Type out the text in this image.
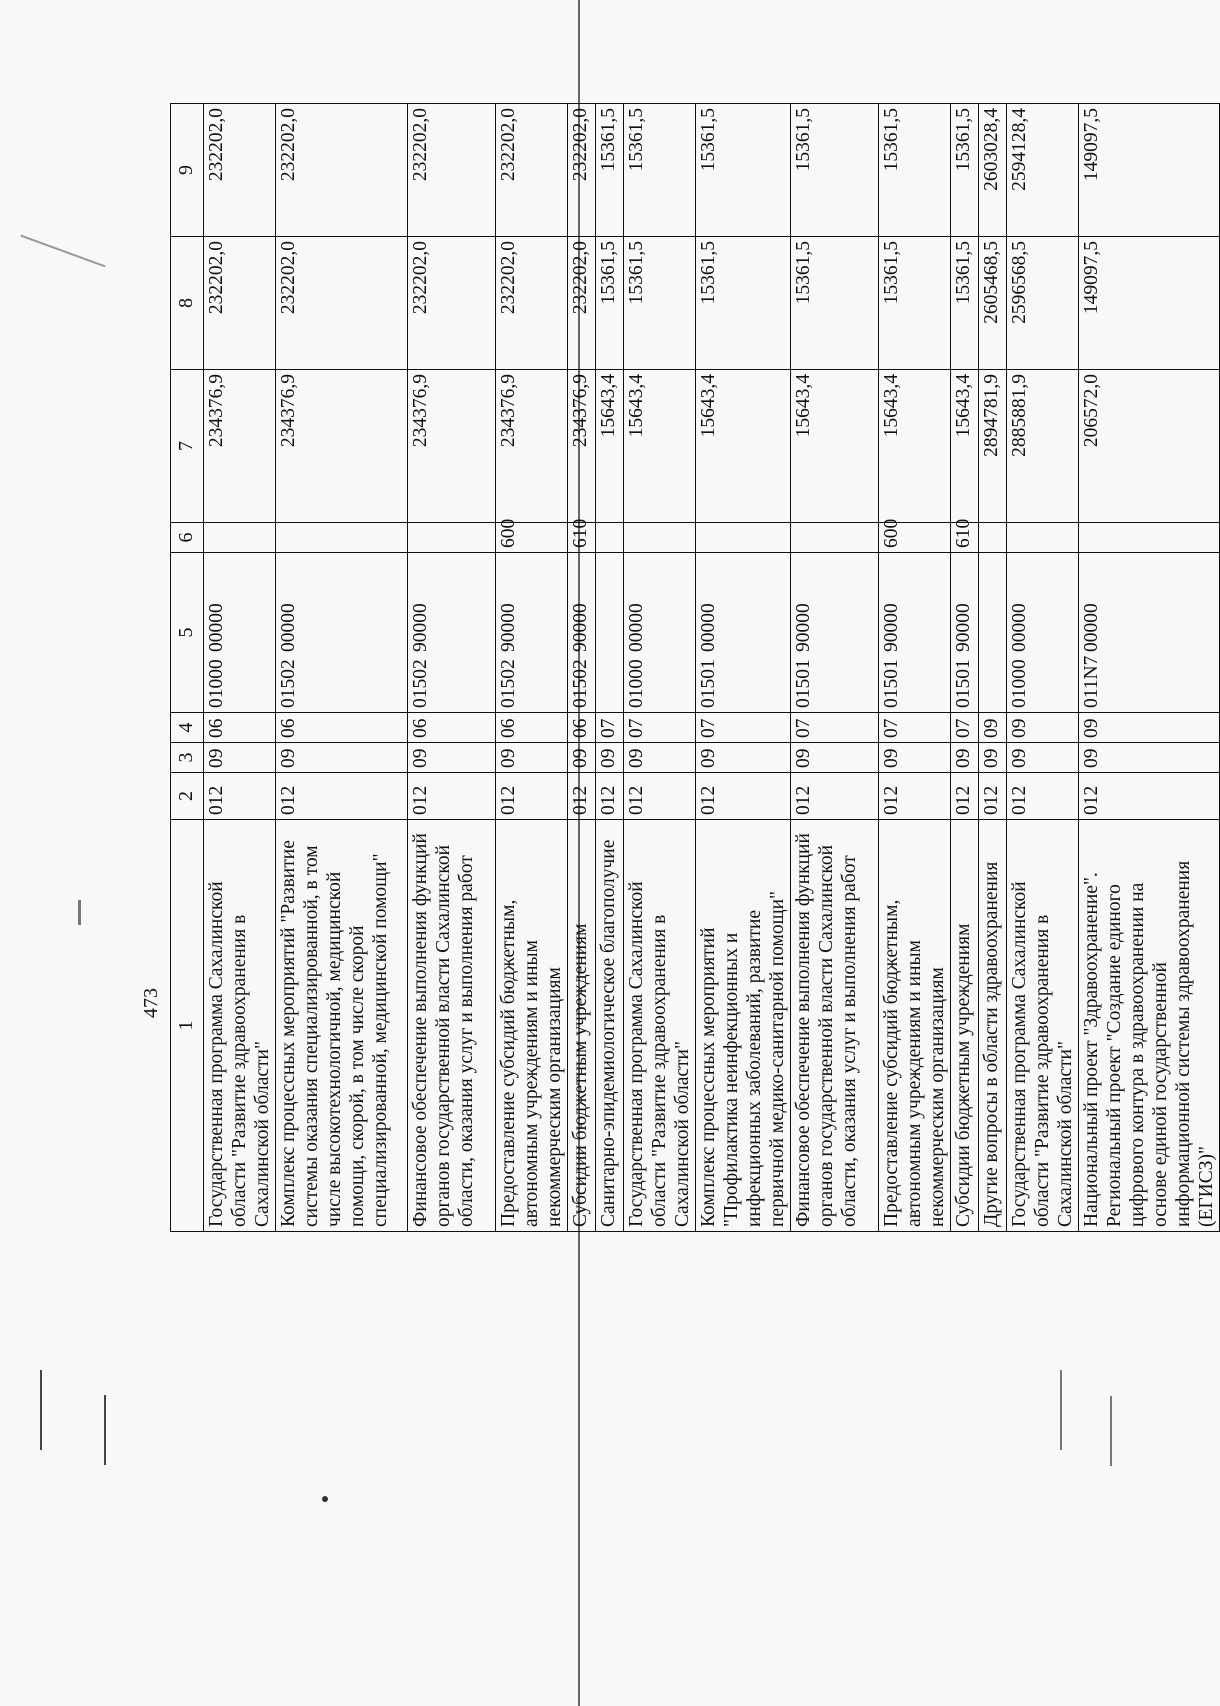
473
1	2	3	4	5	6	7	8	9
Государственная программа Сахалинской области "Развитие здравоохранения в Сахалинской области"	012	09	06	0100000000		234376,9	232202,0	232202,0
Комплекс процессных мероприятий "Развитие системы оказания специализированной, в том числе высокотехнологичной, медицинской помощи, скорой, в том числе скорой специализированной, медицинской помощи"	012	09	06	0150200000		234376,9	232202,0	232202,0
Финансовое обеспечение выполнения функций органов государственной власти Сахалинской области, оказания услуг и выполнения работ	012	09	06	0150290000		234376,9	232202,0	232202,0
Предоставление субсидий бюджетным, автономным учреждениям и иным некоммерческим организациям	012	09	06	0150290000	600	234376,9	232202,0	232202,0
Субсидии бюджетным учреждениям	012	09	06	0150290000	610	234376,9	232202,0	232202,0
Санитарно-эпидемиологическое благополучие	012	09	07			15643,4	15361,5	15361,5
Государственная программа Сахалинской области "Развитие здравоохранения в Сахалинской области"	012	09	07	0100000000		15643,4	15361,5	15361,5
Комплекс процессных мероприятий "Профилактика неинфекционных и инфекционных заболеваний, развитие первичной медико-санитарной помощи"	012	09	07	0150100000		15643,4	15361,5	15361,5
Финансовое обеспечение выполнения функций органов государственной власти Сахалинской области, оказания услуг и выполнения работ	012	09	07	0150190000		15643,4	15361,5	15361,5
Предоставление субсидий бюджетным, автономным учреждениям и иным некоммерческим организациям	012	09	07	0150190000	600	15643,4	15361,5	15361,5
Субсидии бюджетным учреждениям	012	09	07	0150190000	610	15643,4	15361,5	15361,5
Другие вопросы в области здравоохранения	012	09	09			2894781,9	2605468,5	2603028,4
Государственная программа Сахалинской области "Развитие здравоохранения в Сахалинской области"	012	09	09	0100000000		2885881,9	2596568,5	2594128,4
Национальный проект "Здравоохранение". Региональный проект "Создание единого цифрового контура в здравоохранении на основе единой государственной информационной системы здравоохранения (ЕГИСЗ)"	012	09	09	011N700000		206572,0	149097,5	149097,5
